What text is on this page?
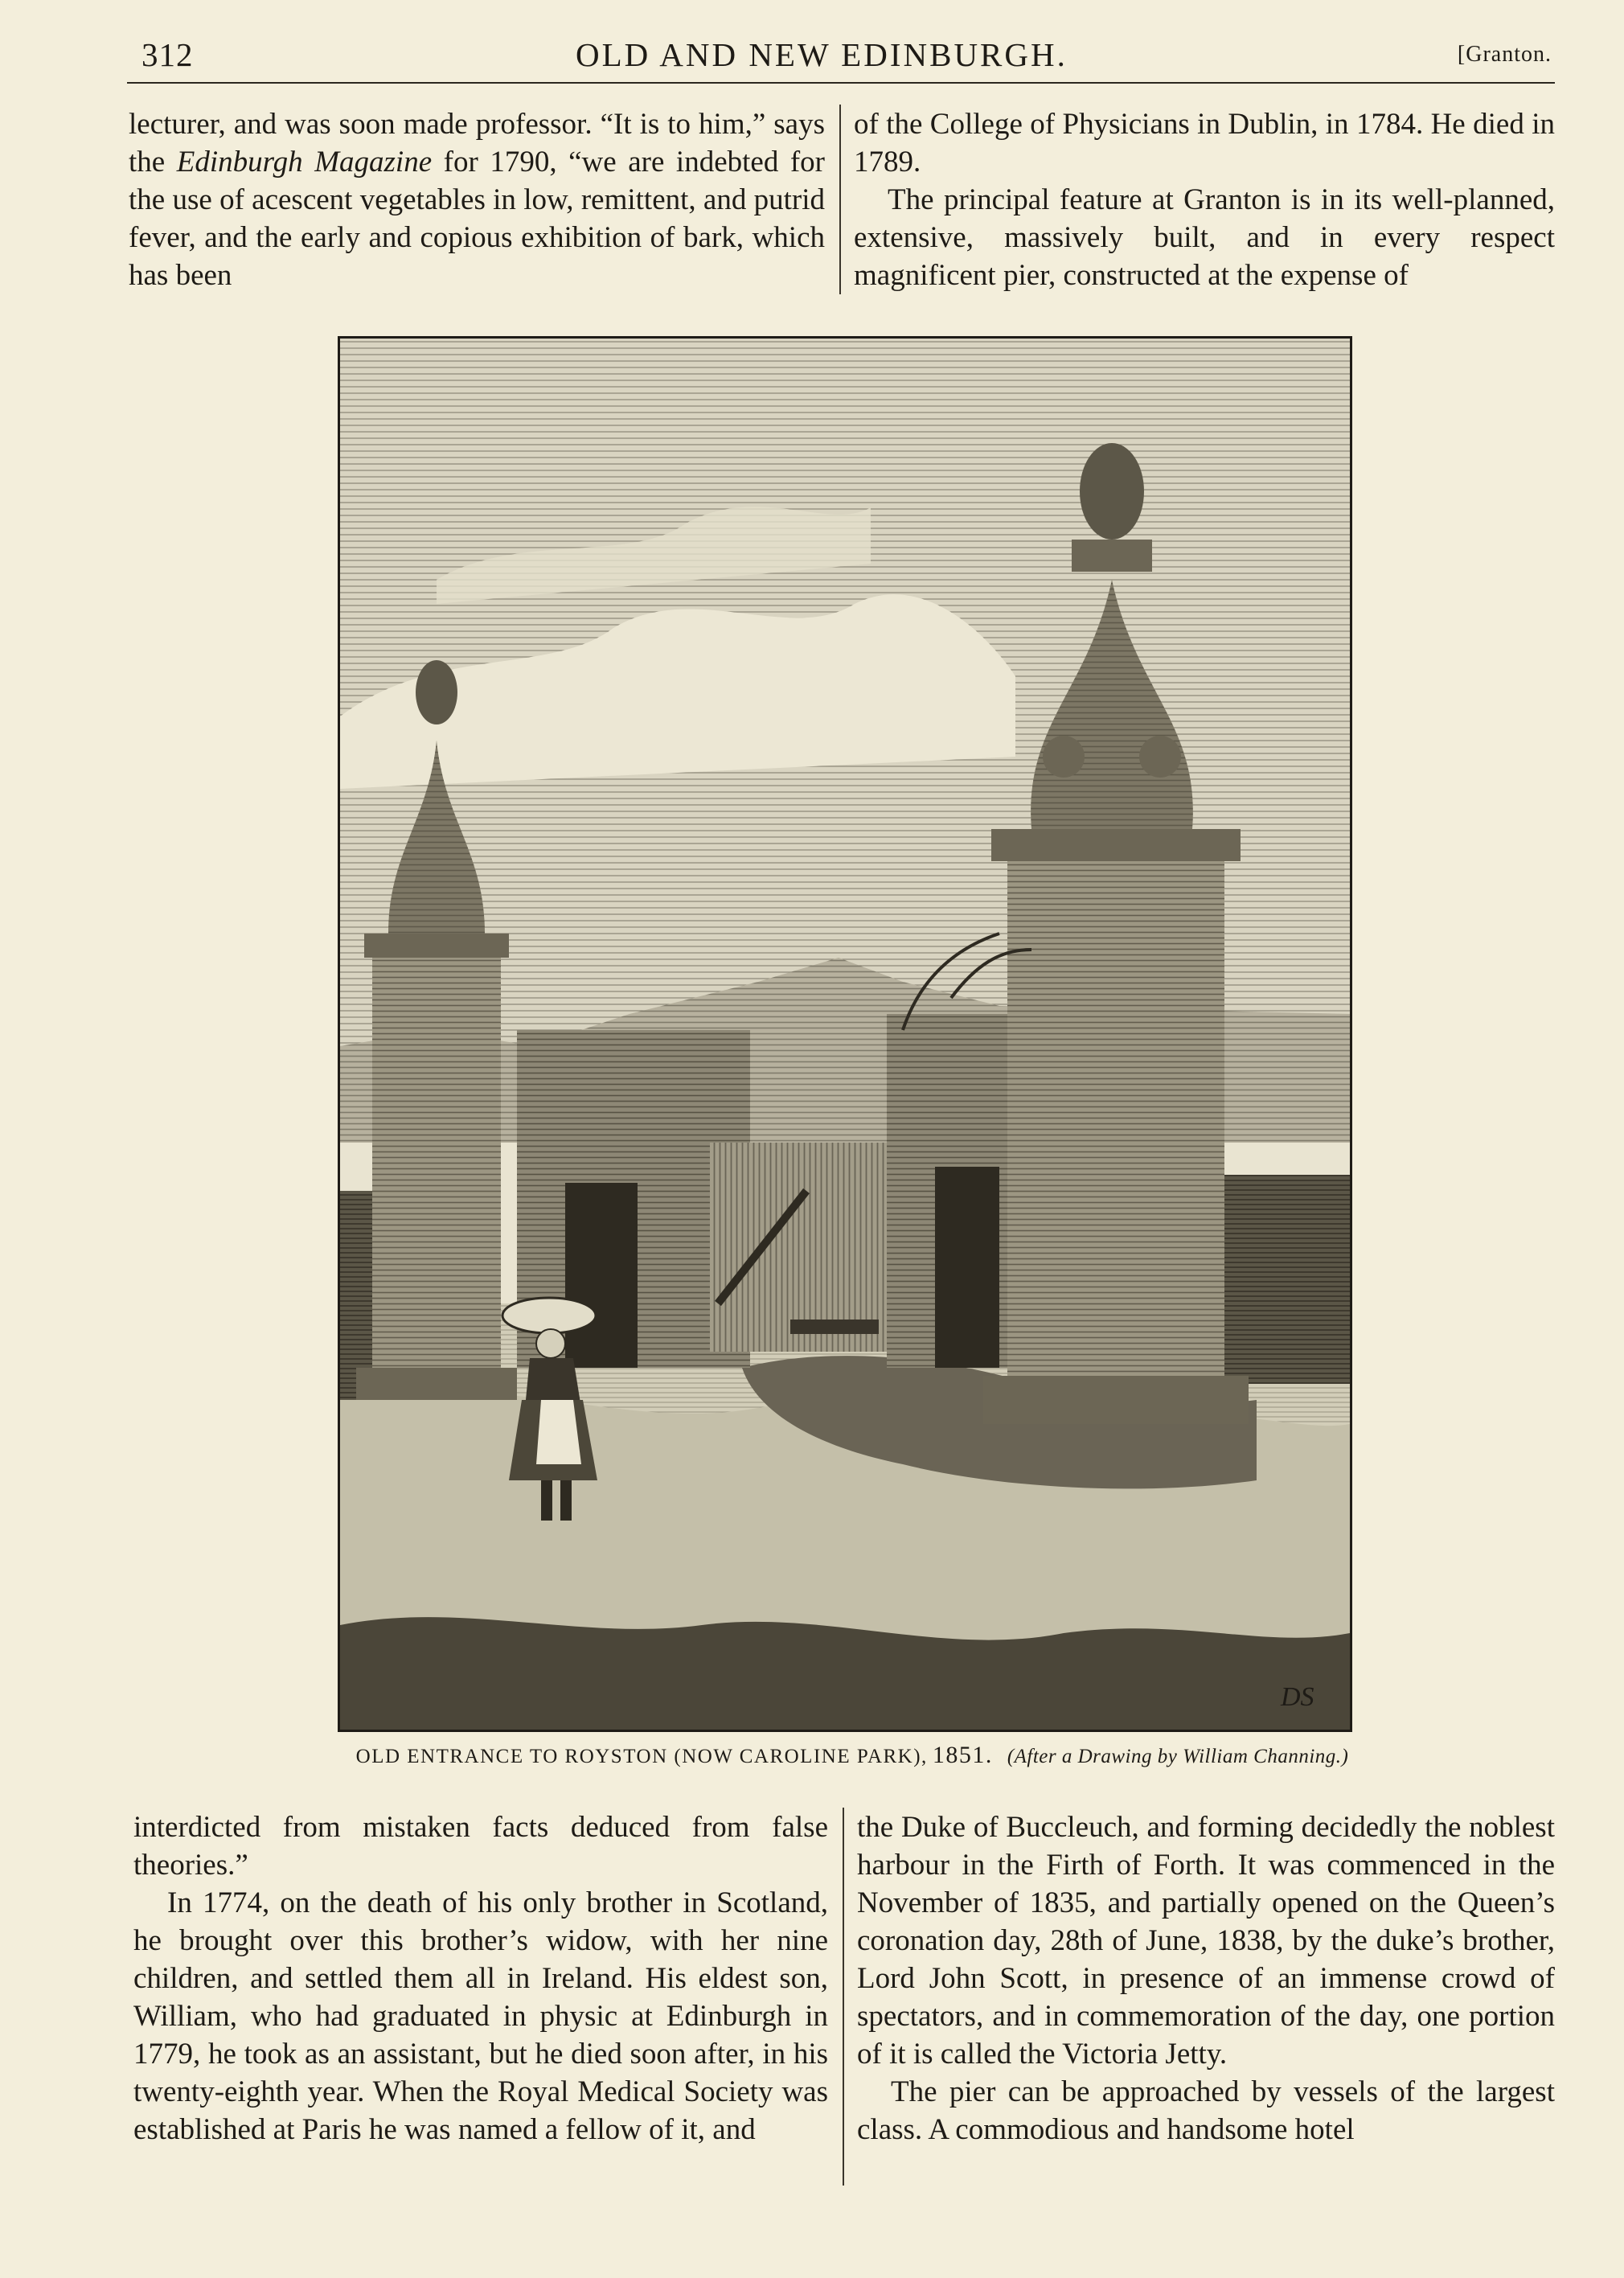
312	OLD AND NEW EDINBURGH.	[Granton.

lecturer, and was soon made professor. “It is to him,” says the Edinburgh Magazine for 1790, “we are indebted for the use of acescent vegetables in low, remittent, and putrid fever, and the early and copious exhibition of bark, which has been

of the College of Physicians in Dublin, in 1784. He died in 1789.

The principal feature at Granton is in its well-planned, extensive, massively built, and in every respect magnificent pier, constructed at the expense of

DS
OLD ENTRANCE TO ROYSTON (NOW CAROLINE PARK), 1851. (After a Drawing by William Channing.)

interdicted from mistaken facts deduced from false theories.”

In 1774, on the death of his only brother in Scotland, he brought over this brother’s widow, with her nine children, and settled them all in Ireland. His eldest son, William, who had graduated in physic at Edinburgh in 1779, he took as an assistant, but he died soon after, in his twenty-eighth year. When the Royal Medical Society was established at Paris he was named a fellow of it, and

the Duke of Buccleuch, and forming decidedly the noblest harbour in the Firth of Forth. It was commenced in the November of 1835, and partially opened on the Queen’s coronation day, 28th of June, 1838, by the duke’s brother, Lord John Scott, in presence of an immense crowd of spectators, and in commemoration of the day, one portion of it is called the Victoria Jetty.

The pier can be approached by vessels of the largest class. A commodious and handsome hotel
